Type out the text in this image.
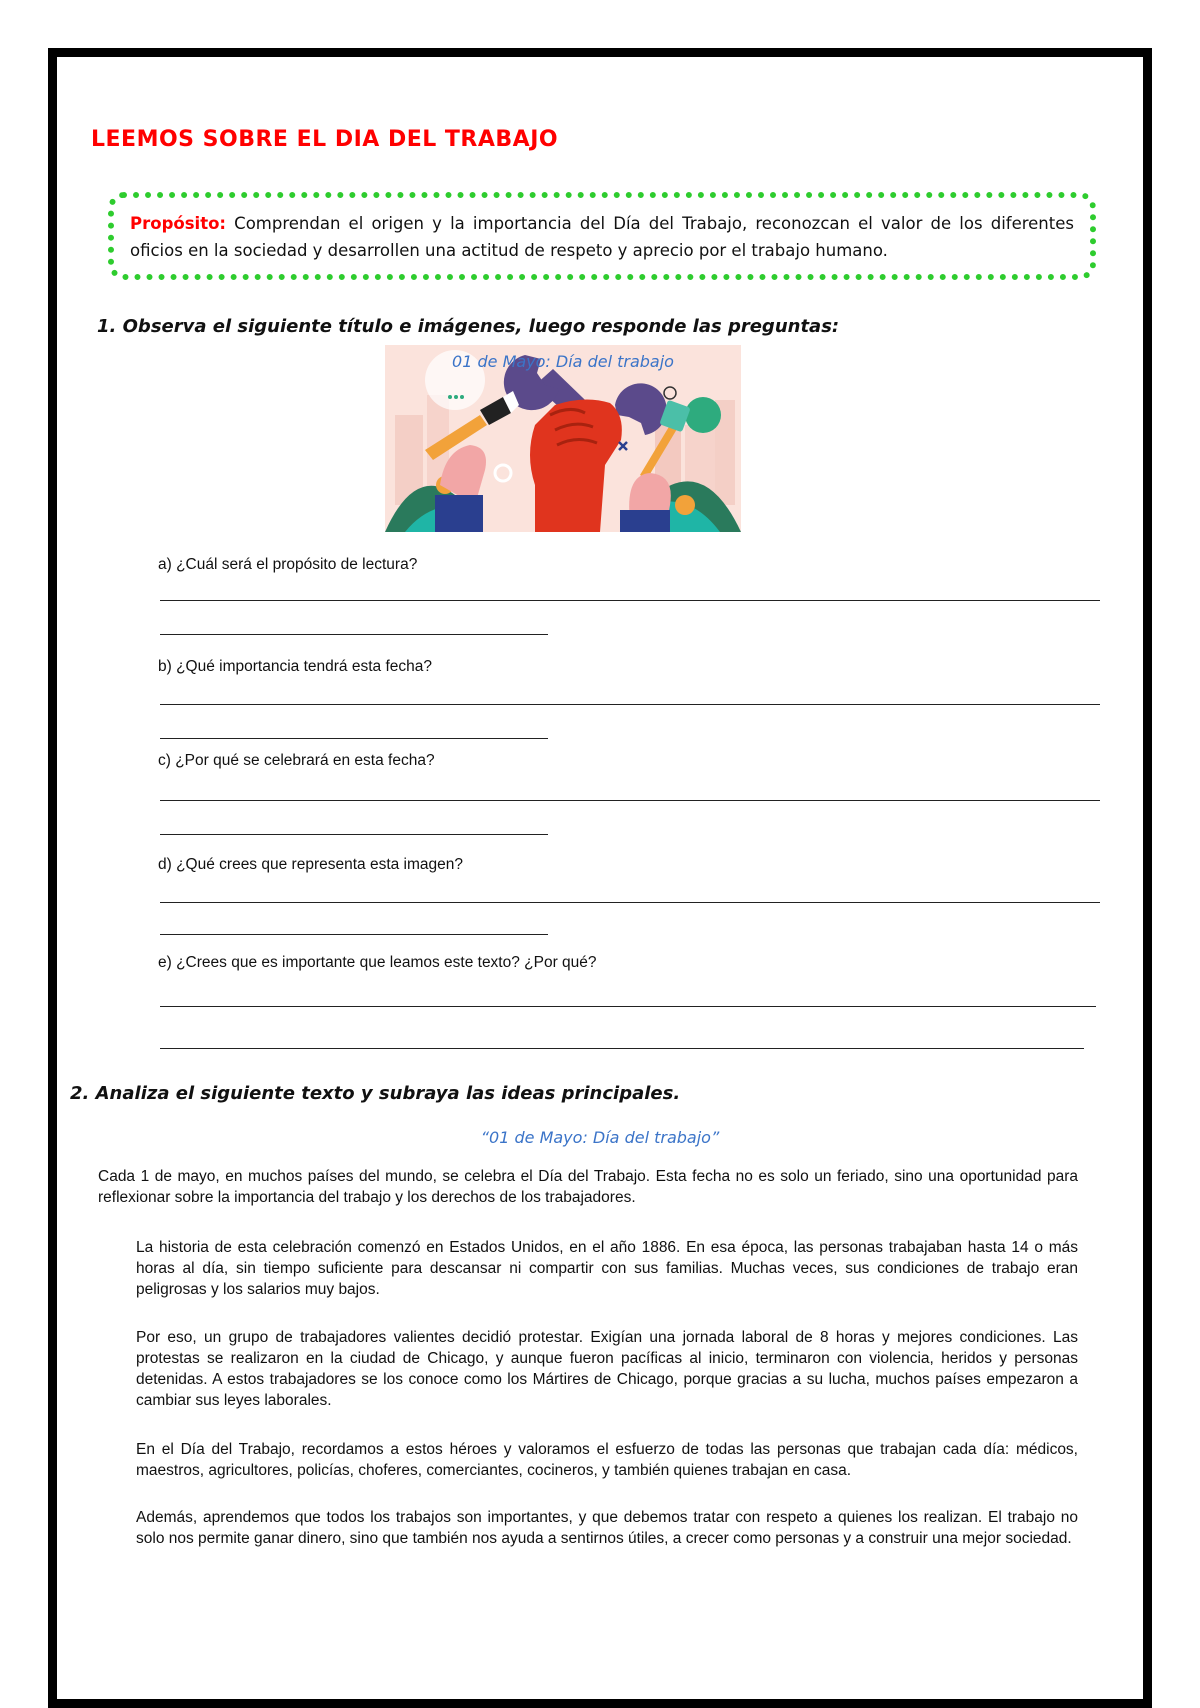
LEEMOS SOBRE EL DIA DEL TRABAJO
Propósito: Comprendan el origen y la importancia del Día del Trabajo, reconozcan el valor de los diferentes oficios en la sociedad y desarrollen una actitud de respeto y aprecio por el trabajo humano.

1. Observa el siguiente título e imágenes, luego responde las preguntas:

01 de Mayo: Día del trabajo
a) ¿Cuál será el propósito de lectura?
b) ¿Qué importancia tendrá esta fecha?
c) ¿Por qué se celebrará en esta fecha?
d) ¿Qué crees que representa esta imagen?
e) ¿Crees que es importante que leamos este texto? ¿Por qué?

2. Analiza el siguiente texto y subraya las ideas principales.

“01 de Mayo: Día del trabajo”

Cada 1 de mayo, en muchos países del mundo, se celebra el Día del Trabajo. Esta fecha no es solo un feriado, sino una oportunidad para reflexionar sobre la importancia del trabajo y los derechos de los trabajadores.

La historia de esta celebración comenzó en Estados Unidos, en el año 1886. En esa época, las personas trabajaban hasta 14 o más horas al día, sin tiempo suficiente para descansar ni compartir con sus familias. Muchas veces, sus condiciones de trabajo eran peligrosas y los salarios muy bajos.

Por eso, un grupo de trabajadores valientes decidió protestar. Exigían una jornada laboral de 8 horas y mejores condiciones. Las protestas se realizaron en la ciudad de Chicago, y aunque fueron pacíficas al inicio, terminaron con violencia, heridos y personas detenidas. A estos trabajadores se los conoce como los Mártires de Chicago, porque gracias a su lucha, muchos países empezaron a cambiar sus leyes laborales.

En el Día del Trabajo, recordamos a estos héroes y valoramos el esfuerzo de todas las personas que trabajan cada día: médicos, maestros, agricultores, policías, choferes, comerciantes, cocineros, y también quienes trabajan en casa.

Además, aprendemos que todos los trabajos son importantes, y que debemos tratar con respeto a quienes los realizan. El trabajo no solo nos permite ganar dinero, sino que también nos ayuda a sentirnos útiles, a crecer como personas y a construir una mejor sociedad.
